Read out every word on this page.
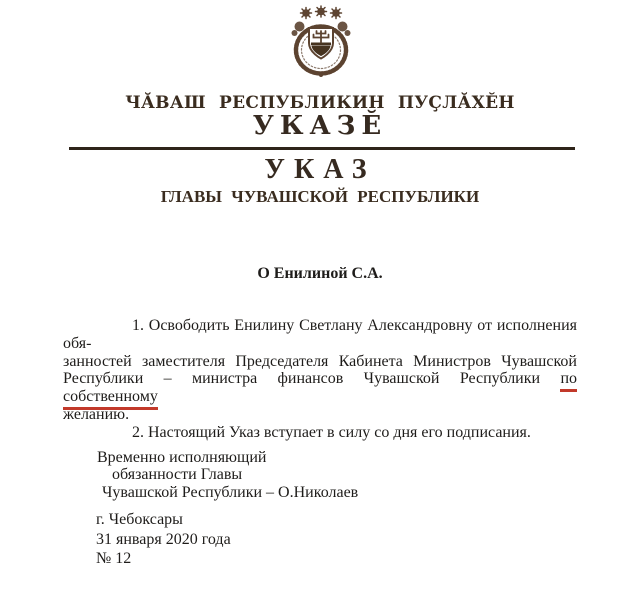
ЧӐВАШ РЕСПУБЛИКИН ПУҪЛӐХӖН
УКАЗӖ
УКАЗ
ГЛАВЫ ЧУВАШСКОЙ РЕСПУБЛИКИ
О Енилиной С.А.
1. Освободить Енилину Светлану Александровну от исполнения обя-
занностей заместителя Председателя Кабинета Министров Чувашской
Республики – министра финансов Чувашской Республики по собственному
желанию.
2. Настоящий Указ вступает в силу со дня его подписания.
Временно исполняющий
обязанности Главы
Чувашской Республики – О.Николаев
г. Чебоксары
31 января 2020 года
№ 12
